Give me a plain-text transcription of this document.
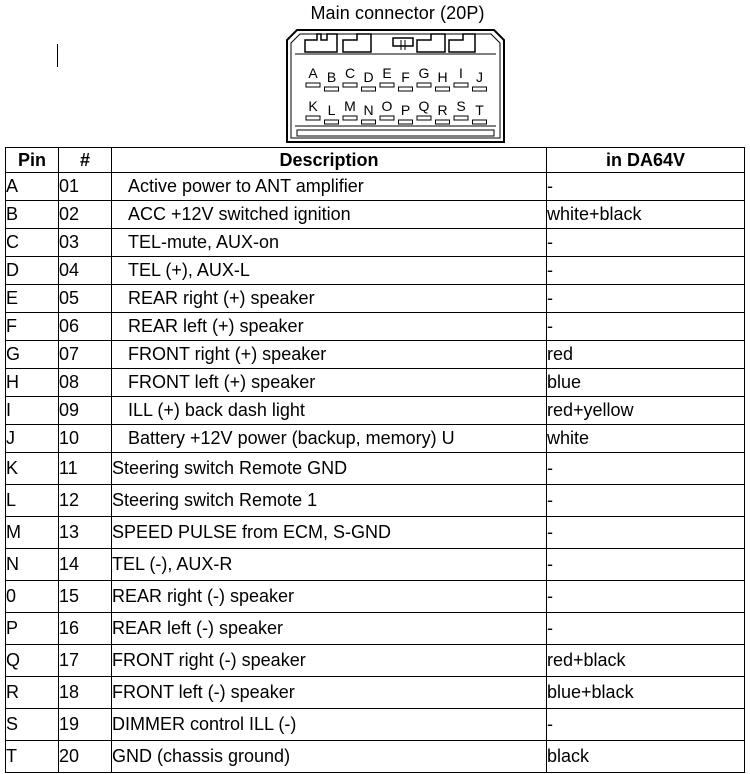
Main connector (20P)
A B C D E F G H I J
K L M N O P Q R S T
Pin	#	Description	in DA64V
A	01	Active power to ANT amplifier	-
B	02	ACC +12V switched ignition	white+black
C	03	TEL-mute, AUX-on	-
D	04	TEL (+), AUX-L	-
E	05	REAR right (+) speaker	-
F	06	REAR left (+) speaker	-
G	07	FRONT right (+) speaker	red
H	08	FRONT left (+) speaker	blue
I	09	ILL (+) back dash light	red+yellow
J	10	Battery +12V power (backup, memory) U	white
K	11	Steering switch Remote GND	-
L	12	Steering switch Remote 1	-
M	13	SPEED PULSE from ECM, S-GND	-
N	14	TEL (-), AUX-R	-
0	15	REAR right (-) speaker	-
P	16	REAR left (-) speaker	-
Q	17	FRONT right (-) speaker	red+black
R	18	FRONT left (-) speaker	blue+black
S	19	DIMMER control ILL (-)	-
T	20	GND (chassis ground)	black
